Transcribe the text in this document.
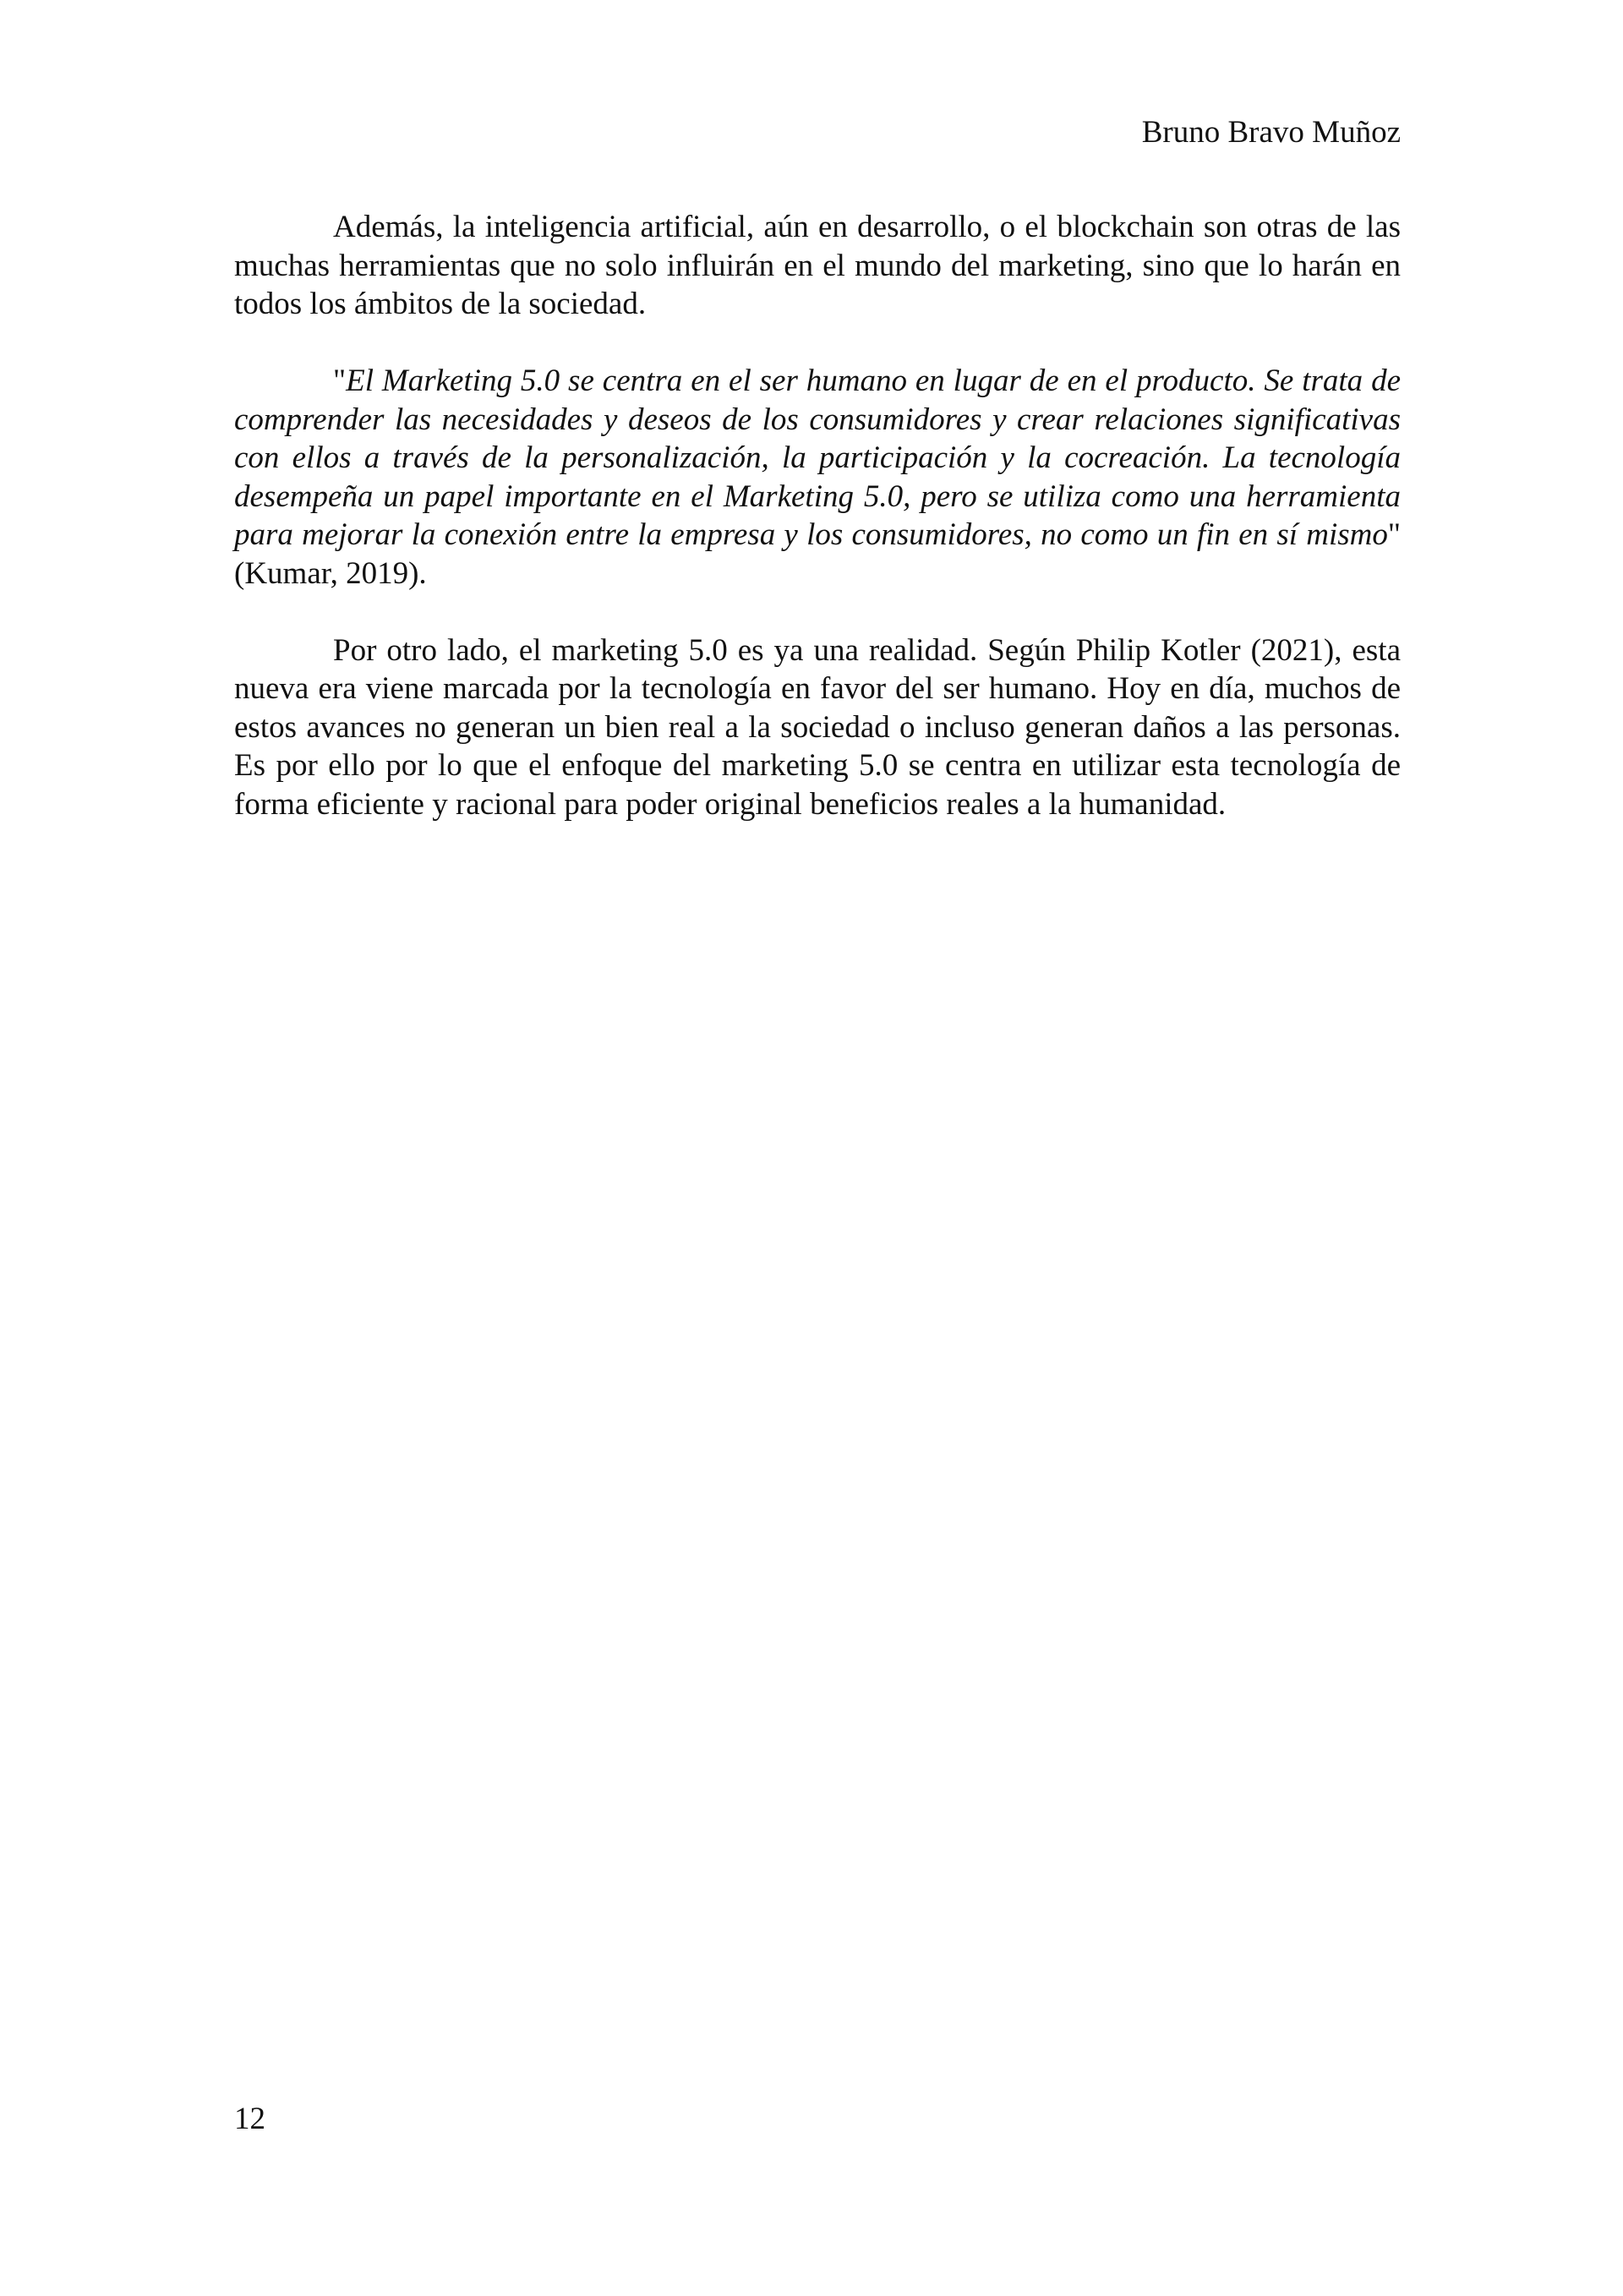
Bruno Bravo Muñoz

Además, la inteligencia artificial, aún en desarrollo, o el blockchain son otras de las muchas herramientas que no solo influirán en el mundo del marketing, sino que lo harán en todos los ámbitos de la sociedad.

"El Marketing 5.0 se centra en el ser humano en lugar de en el producto. Se trata de comprender las necesidades y deseos de los consumidores y crear relaciones significativas con ellos a través de la personalización, la participación y la cocreación. La tecnología desempeña un papel importante en el Marketing 5.0, pero se utiliza como una herramienta para mejorar la conexión entre la empresa y los consumidores, no como un fin en sí mismo" (Kumar, 2019).

Por otro lado, el marketing 5.0 es ya una realidad. Según Philip Kotler (2021), esta nueva era viene marcada por la tecnología en favor del ser humano. Hoy en día, muchos de estos avances no generan un bien real a la sociedad o incluso generan daños a las personas. Es por ello por lo que el enfoque del marketing 5.0 se centra en utilizar esta tecnología de forma eficiente y racional para poder original beneficios reales a la humanidad.

12
